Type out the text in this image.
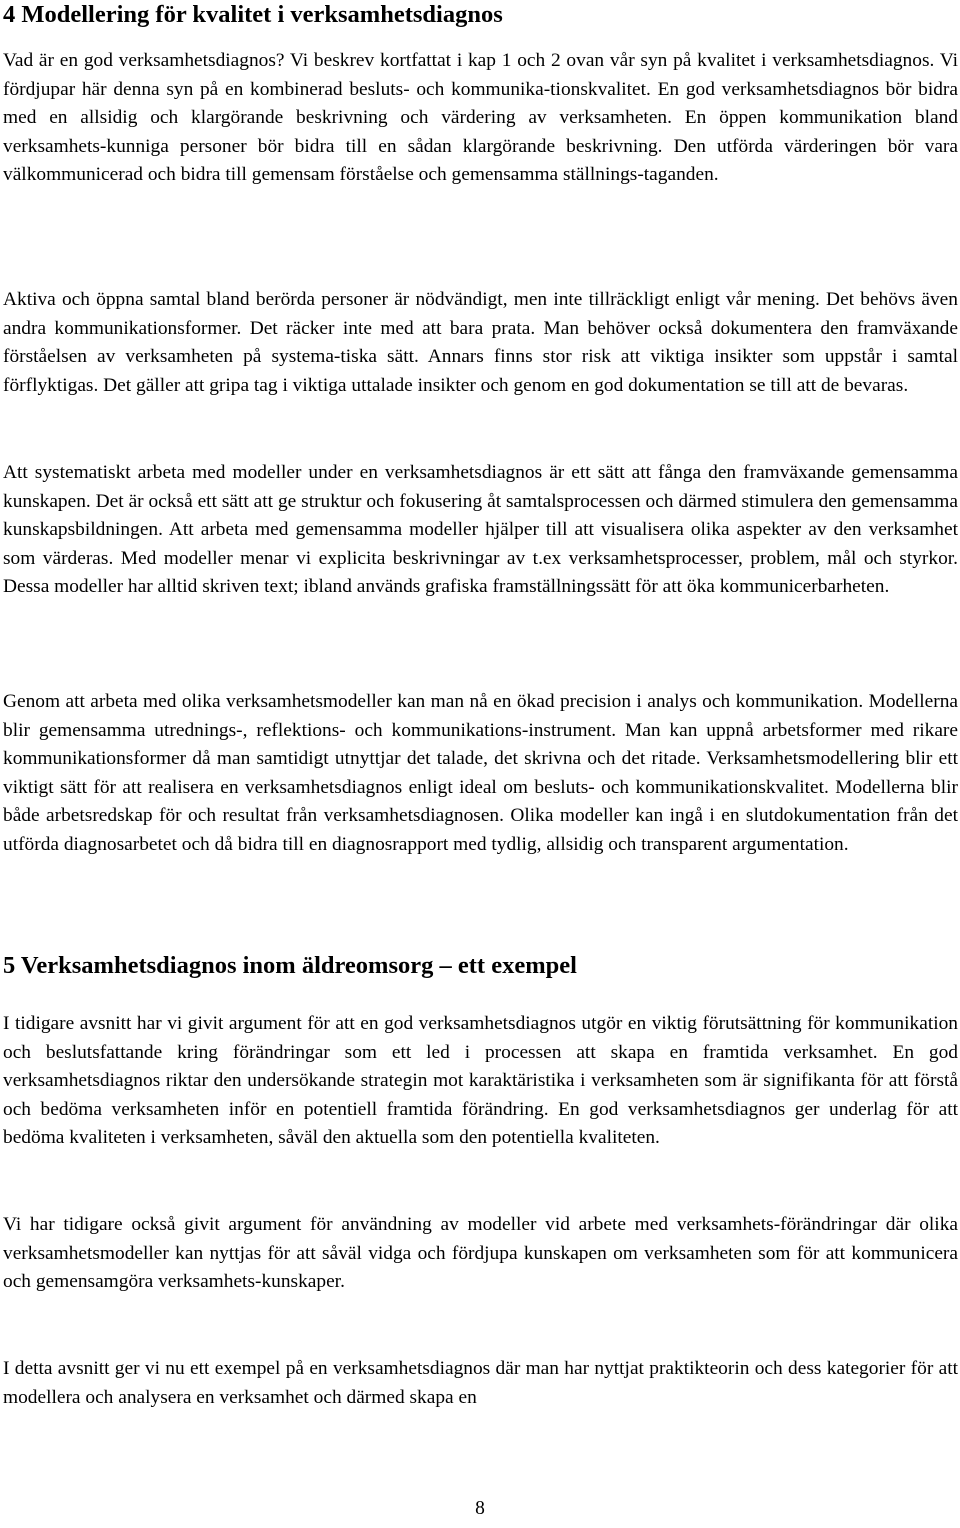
4 Modellering för kvalitet i verksamhetsdiagnos

Vad är en god verksamhetsdiagnos? Vi beskrev kortfattat i kap 1 och 2 ovan vår syn på kvalitet i verksamhetsdiagnos. Vi fördjupar här denna syn på en kombinerad besluts- och kommunika-tionskvalitet. En god verksamhetsdiagnos bör bidra med en allsidig och klargörande beskrivning och värdering av verksamheten. En öppen kommunikation bland verksamhets-kunniga personer bör bidra till en sådan klargörande beskrivning. Den utförda värderingen bör vara välkommunicerad och bidra till gemensam förståelse och gemensamma ställnings-taganden.

Aktiva och öppna samtal bland berörda personer är nödvändigt, men inte tillräckligt enligt vår mening. Det behövs även andra kommunikationsformer. Det räcker inte med att bara prata. Man behöver också dokumentera den framväxande förståelsen av verksamheten på systema-tiska sätt. Annars finns stor risk att viktiga insikter som uppstår i samtal förflyktigas. Det gäller att gripa tag i viktiga uttalade insikter och genom en god dokumentation se till att de bevaras.

Att systematiskt arbeta med modeller under en verksamhetsdiagnos är ett sätt att fånga den framväxande gemensamma kunskapen. Det är också ett sätt att ge struktur och fokusering åt samtalsprocessen och därmed stimulera den gemensamma kunskapsbildningen. Att arbeta med gemensamma modeller hjälper till att visualisera olika aspekter av den verksamhet som värderas. Med modeller menar vi explicita beskrivningar av t.ex verksamhetsprocesser, problem, mål och styrkor. Dessa modeller har alltid skriven text; ibland används grafiska framställningssätt för att öka kommunicerbarheten.

Genom att arbeta med olika verksamhetsmodeller kan man nå en ökad precision i analys och kommunikation. Modellerna blir gemensamma utrednings-, reflektions- och kommunikations-instrument. Man kan uppnå arbetsformer med rikare kommunikationsformer då man samtidigt utnyttjar det talade, det skrivna och det ritade. Verksamhetsmodellering blir ett viktigt sätt för att realisera en verksamhetsdiagnos enligt ideal om besluts- och kommunikationskvalitet. Modellerna blir både arbetsredskap för och resultat från verksamhetsdiagnosen. Olika modeller kan ingå i en slutdokumentation från det utförda diagnosarbetet och då bidra till en diagnosrapport med tydlig, allsidig och transparent argumentation.

5 Verksamhetsdiagnos inom äldreomsorg – ett exempel

I tidigare avsnitt har vi givit argument för att en god verksamhetsdiagnos utgör en viktig förutsättning för kommunikation och beslutsfattande kring förändringar som ett led i processen att skapa en framtida verksamhet. En god verksamhetsdiagnos riktar den undersökande strategin mot karaktäristika i verksamheten som är signifikanta för att förstå och bedöma verksamheten inför en potentiell framtida förändring. En god verksamhetsdiagnos ger underlag för att bedöma kvaliteten i verksamheten, såväl den aktuella som den potentiella kvaliteten.

Vi har tidigare också givit argument för användning av modeller vid arbete med verksamhets-förändringar där olika verksamhetsmodeller kan nyttjas för att såväl vidga och fördjupa kunskapen om verksamheten som för att kommunicera och gemensamgöra verksamhets-kunskaper.

I detta avsnitt ger vi nu ett exempel på en verksamhetsdiagnos där man har nyttjat praktikteorin och dess kategorier för att modellera och analysera en verksamhet och därmed skapa en

8
